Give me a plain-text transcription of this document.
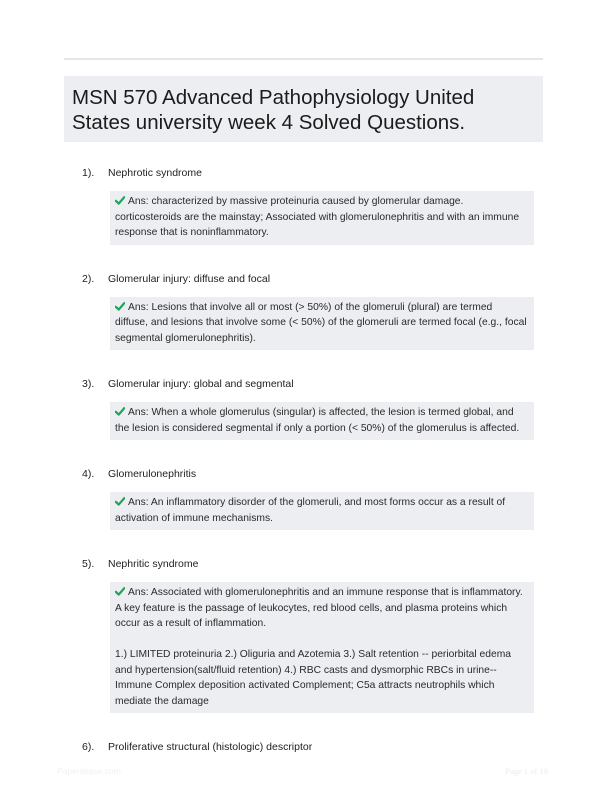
MSN 570 Advanced Pathophysiology United States university week 4 Solved Questions.
1).	Nephrotic syndrome

Ans: characterized by massive proteinuria caused by glomerular damage. corticosteroids are the mainstay; Associated with glomerulonephritis and with an immune response that is noninflammatory.

2).	Glomerular injury: diffuse and focal

Ans: Lesions that involve all or most (> 50%) of the glomeruli (plural) are termed diffuse, and lesions that involve some (< 50%) of the glomeruli are termed focal (e.g., focal segmental glomerulonephritis).

3).	Glomerular injury: global and segmental

Ans: When a whole glomerulus (singular) is affected, the lesion is termed global, and the lesion is considered segmental if only a portion (< 50%) of the glomerulus is affected.

4).	Glomerulonephritis

Ans: An inflammatory disorder of the glomeruli, and most forms occur as a result of activation of immune mechanisms.

5).	Nephritic syndrome

Ans: Associated with glomerulonephritis and an immune response that is inflammatory. A key feature is the passage of leukocytes, red blood cells, and plasma proteins which occur as a result of inflammation.

1.) LIMITED proteinuria 2.) Oliguria and Azotemia 3.) Salt retention -- periorbital edema and hypertension(salt/fluid retention) 4.) RBC casts and dysmorphic RBCs in urine-- Immune Complex deposition activated Complement; C5a attracts neutrophils which mediate the damage

6).	Proliferative structural (histologic) descriptor
Papersbase.com	Page 1 of 18
